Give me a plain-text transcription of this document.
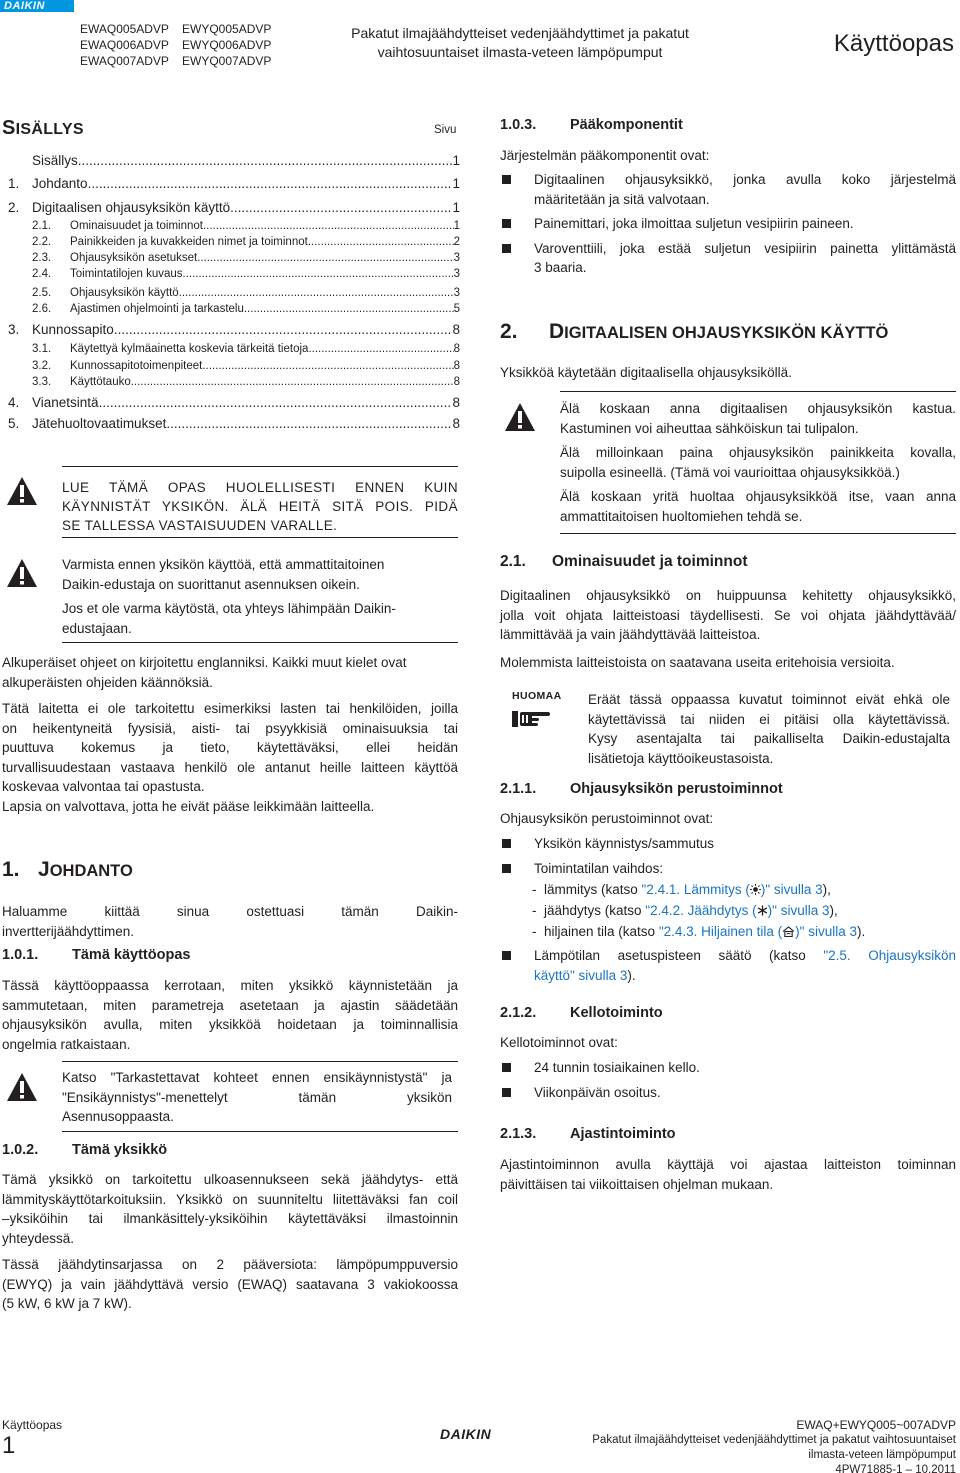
DAIKIN
EWAQ005ADVP
EWAQ006ADVP
EWAQ007ADVP
EWYQ005ADVP
EWYQ006ADVP
EWYQ007ADVP
Pakatut ilmajäähdytteiset vedenjäähdyttimet ja pakatut
vaihtosuuntaiset ilmasta-veteen lämpöpumput	Käyttöopas
SISÄLLYS	Sivu
Sisällys .....	1
1. Johdanto .....	1
2. Digitaalisen ohjausyksikön käyttö .....	1
2.1.	Ominaisuudet ja toiminnot .....	1
2.2.	Painikkeiden ja kuvakkeiden nimet ja toiminnot .....	2
2.3.	Ohjausyksikön asetukset .....	3
2.4.	Toimintatilojen kuvaus .....	3
2.5.	Ohjausyksikön käyttö .....	3
2.6.	Ajastimen ohjelmointi ja tarkastelu .....	5
3. Kunnossapito .....	8
3.1.	Käytettyä kylmäainetta koskevia tärkeitä tietoja .....	8
3.2.	Kunnossapitotoimenpiteet .....	8
3.3.	Käyttötauko .....	8
4. Vianetsintä .....	8
5. Jätehuoltovaatimukset .....	8
LUE TÄMÄ OPAS HUOLELLISESTI ENNEN KUIN
KÄYNNISTÄT YKSIKÖN. ÄLÄ HEITÄ SITÄ POIS. PIDÄ
SE TALLESSA VASTAISUUDEN VARALLE.
Varmista ennen yksikön käyttöä, että ammattitaitoinen
Daikin-edustaja on suorittanut asennuksen oikein.
Jos et ole varma käytöstä, ota yhteys lähimpään Daikin-
edustajaan.
Alkuperäiset ohjeet on kirjoitettu englanniksi. Kaikki muut kielet ovat
alkuperäisten ohjeiden käännöksiä.
Tätä laitetta ei ole tarkoitettu esimerkiksi lasten tai henkilöiden, joilla
on heikentyneitä fyysisiä, aisti- tai psyykkisiä ominaisuuksia tai
puuttuva kokemus ja tieto, käytettäväksi, ellei heidän
turvallisuudestaan vastaava henkilö ole antanut heille laitteen käyttöä
koskevaa valvontaa tai opastusta.
Lapsia on valvottava, jotta he eivät pääse leikkimään laitteella.
1. JOHDANTO
Haluamme kiittää sinua ostettuasi tämän Daikin-
invertterijäähdyttimen.
1.0.1. Tämä käyttöopas
Tässä käyttöoppaassa kerrotaan, miten yksikkö käynnistetään ja
sammutetaan, miten parametreja asetetaan ja ajastin säädetään
ohjausyksikön avulla, miten yksikköä hoidetaan ja toiminnallisia
ongelmia ratkaistaan.
Katso "Tarkastettavat kohteet ennen ensikäynnistystä" ja
"Ensikäynnistys"-menettelyt tämän yksikön
Asennusoppaasta.
1.0.2. Tämä yksikkö
Tämä yksikkö on tarkoitettu ulkoasennukseen sekä jäähdytys- että
lämmityskäyttötarkoituksiin. Yksikkö on suunniteltu liitettäväksi fan coil
–yksiköihin tai ilmankäsittely-yksiköihin käytettäväksi ilmastoinnin
yhteydessä.
Tässä jäähdytinsarjassa on 2 pääversiota: lämpöpumppuversio
(EWYQ) ja vain jäähdyttävä versio (EWAQ) saatavana 3 vakiokoossa
(5 kW, 6 kW ja 7 kW).
1.0.3. Pääkomponentit
Järjestelmän pääkomponentit ovat:
Digitaalinen ohjausyksikkö, jonka avulla koko järjestelmä
määritetään ja sitä valvotaan.
Painemittari, joka ilmoittaa suljetun vesipiirin paineen.
Varoventtiili, joka estää suljetun vesipiirin painetta ylittämästä
3 baaria.
2. DIGITAALISEN OHJAUSYKSIKÖN KÄYTTÖ
Yksikköä käytetään digitaalisella ohjausyksiköllä.
Älä koskaan anna digitaalisen ohjausyksikön kastua.
Kastuminen voi aiheuttaa sähköiskun tai tulipalon.
Älä milloinkaan paina ohjausyksikön painikkeita kovalla,
suipolla esineellä. (Tämä voi vaurioittaa ohjausyksikköä.)
Älä koskaan yritä huoltaa ohjausyksikköä itse, vaan anna
ammattitaitoisen huoltomiehen tehdä se.
2.1. Ominaisuudet ja toiminnot
Digitaalinen ohjausyksikkö on huippuunsa kehitetty ohjausyksikkö,
jolla voit ohjata laitteistoasi täydellisesti. Se voi ohjata jäähdyttävää/
lämmittävää ja vain jäähdyttävää laitteistoa.
Molemmista laitteistoista on saatavana useita eritehoisia versioita.
HUOMAA Eräät tässä oppaassa kuvatut toiminnot eivät ehkä ole
käytettävissä tai niiden ei pitäisi olla käytettävissä.
Kysy asentajalta tai paikalliselta Daikin-edustajalta
lisätietoja käyttöoikeustasoista.
2.1.1. Ohjausyksikön perustoiminnot
Ohjausyksikön perustoiminnot ovat:
Yksikön käynnistys/sammutus
Toimintatilan vaihdos:
- lämmitys (katso "2.4.1. Lämmitys ( )" sivulla 3),
- jäähdytys (katso "2.4.2. Jäähdytys ( )" sivulla 3),
- hiljainen tila (katso "2.4.3. Hiljainen tila ( )" sivulla 3).
Lämpötilan asetuspisteen säätö (katso "2.5. Ohjausyksikön
käyttö" sivulla 3).
2.1.2. Kellotoiminto
Kellotoiminnot ovat:
24 tunnin tosiaikainen kello.
Viikonpäivän osoitus.
2.1.3. Ajastintoiminto
Ajastintoiminnon avulla käyttäjä voi ajastaa laitteiston toiminnan
päivittäisen tai viikoittaisen ohjelman mukaan.
Käyttöopas
1	DAIKIN
EWAQ+EWYQ005~007ADVP
Pakatut ilmajäähdytteiset vedenjäähdyttimet ja pakatut vaihtosuuntaiset
ilmasta-veteen lämpöpumput
4PW71885-1 – 10.2011
